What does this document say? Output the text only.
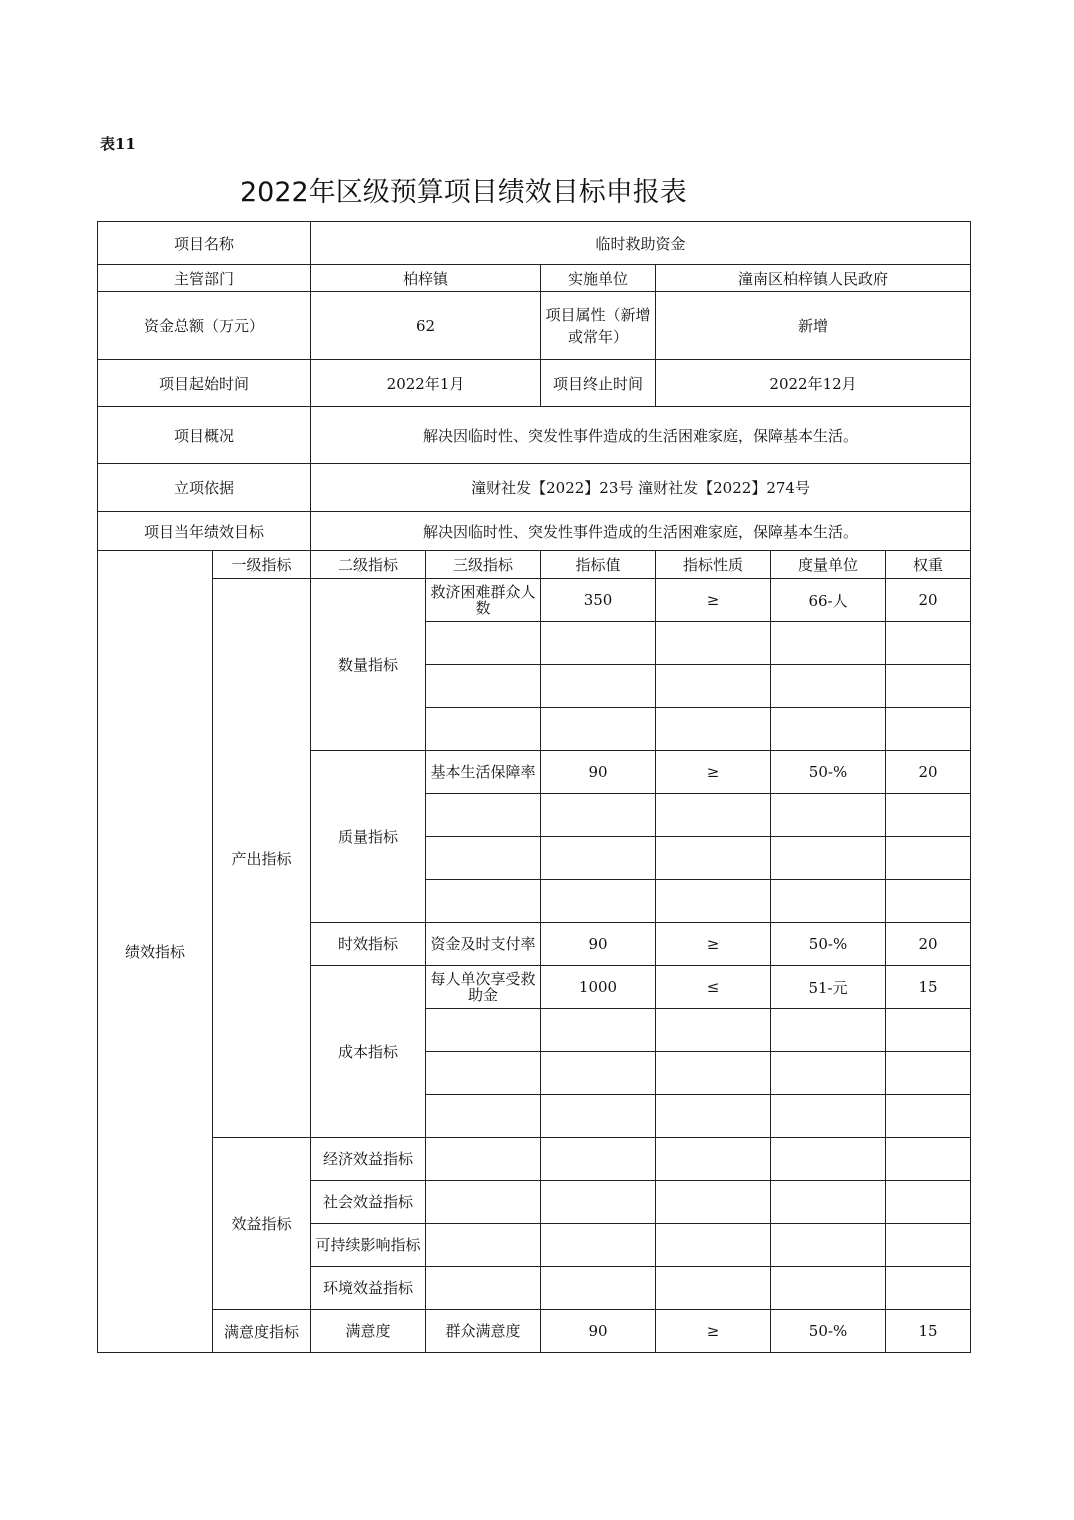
表11
2022年区级预算项目绩效目标申报表
项目名称		临时救助资金					
主管部门		柏梓镇		实施单位	潼南区柏梓镇人民政府		
资金总额（万元）		62		项目属性（新增或常年）	新增		
项目起始时间		2022年1月		项目终止时间	2022年12月		
项目概况		解决因临时性、突发性事件造成的生活困难家庭，保障基本生活。					
立项依据		潼财社发【2022】23号 潼财社发【2022】274号					
项目当年绩效目标		解决因临时性、突发性事件造成的生活困难家庭，保障基本生活。					
绩效指标	一级指标	二级指标	三级指标	指标值	指标性质	度量单位	权重
	产出指标	数量指标	救济困难群众人数	350	≥	66-人	20

		质量指标	基本生活保障率	90	≥	50-%	20

		时效指标	资金及时支付率	90	≥	50-%	20
		成本指标	每人单次享受救助金	1000	≤	51-元	15

	效益指标	经济效益指标					
		社会效益指标					
		可持续影响指标					
		环境效益指标					
	满意度指标	满意度	群众满意度	90	≥	50-%	15
